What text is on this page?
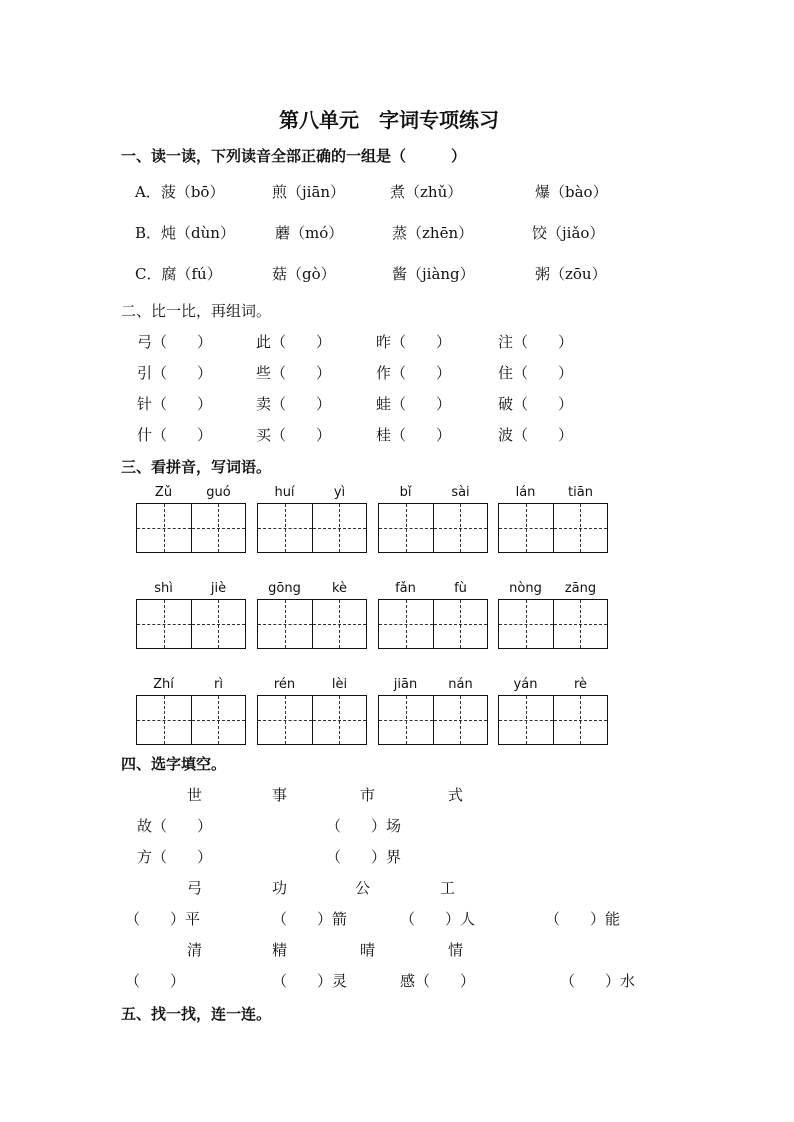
第八单元　字词专项练习
一、读一读，下列读音全部正确的一组是（　　　）
A．菠（bō）	煎（jiān）	煮（zhǔ）	爆（bào）
B．炖（dùn）	蘑（mó）	蒸（zhēn）	饺（jiǎo）
C．腐（fú）	菇（gò）	酱（jiàng）	粥（zōu）
二、比一比，再组词。
弓（　　）	此（　　）	昨（　　）	注（　　）
引（　　）	些（　　）	作（　　）	住（　　）
针（　　）	卖（　　）	蛙（　　）	破（　　）
什（　　）	买（　　）	桂（　　）	波（　　）
三、看拼音，写词语。
Zǔ	guó	huí	yì	bǐ	sài	lán	tiān
shì	jiè	gōng	kè	fǎn	fù	nòng	zāng
Zhí	rì	rén	lèi	jiān	nán	yán	rè
四、选字填空。
世	事	市	式
故（　　）	（　　）场
方（　　）	（　　）界
弓	功	公	工
（　　）平	（　　）箭	（　　）人	（　　）能
清	精	晴	情
（　　）	（　　）灵	感（　　）	（　　）水
五、找一找，连一连。
